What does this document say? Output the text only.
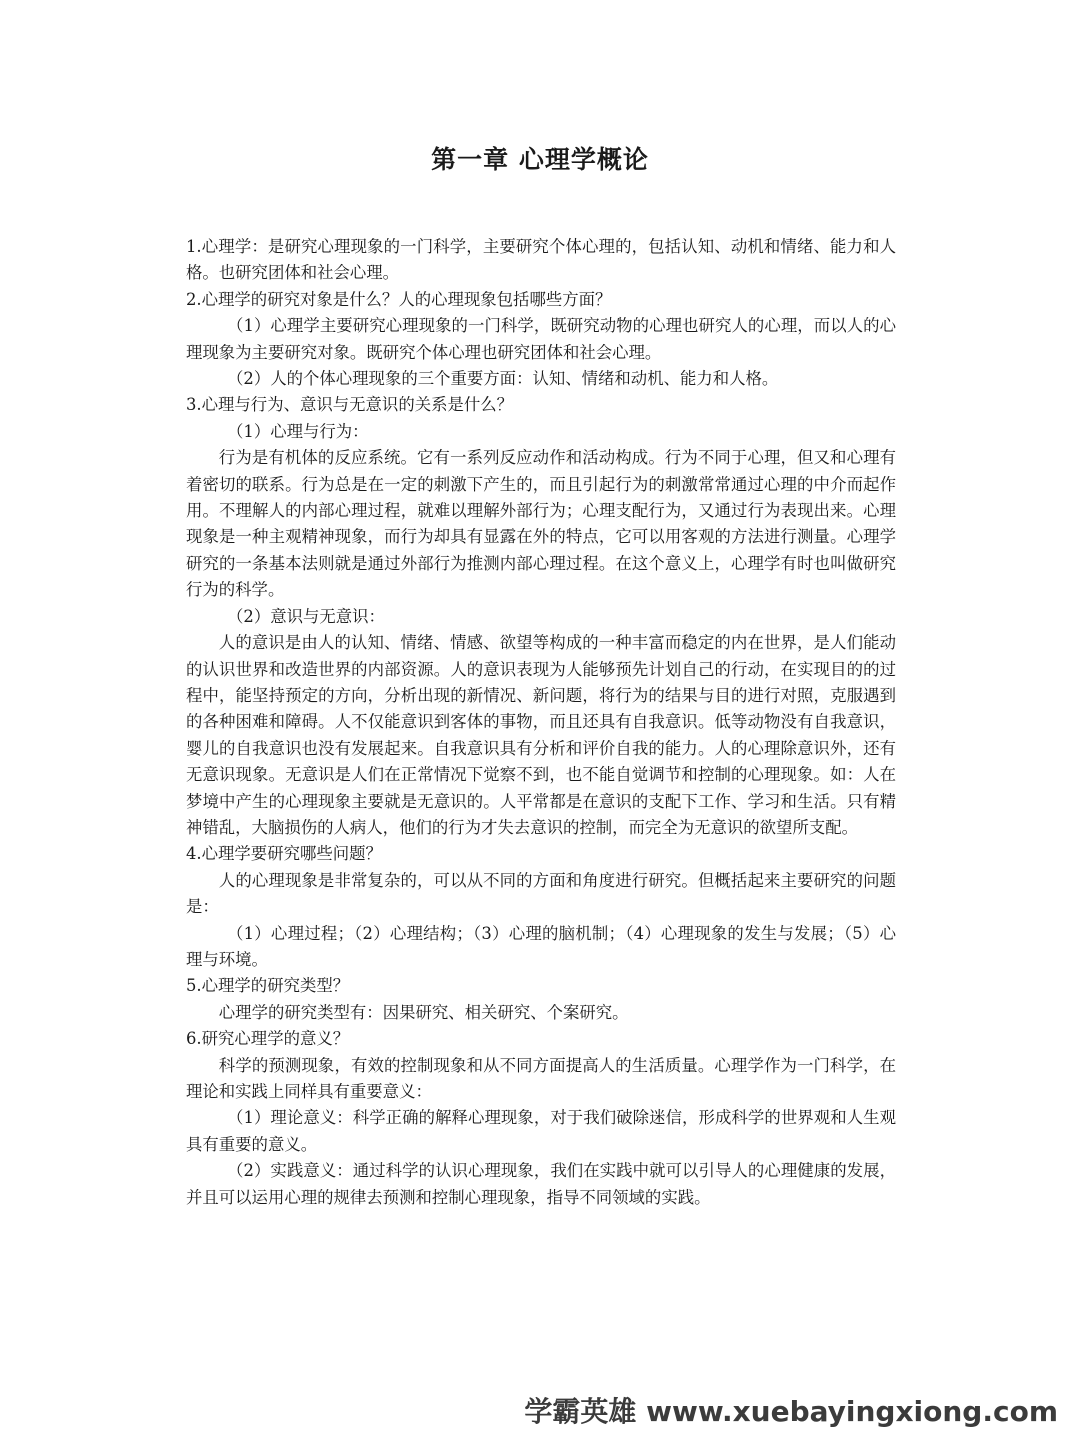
第一章 心理学概论

1.心理学：是研究心理现象的一门科学，主要研究个体心理的，包括认知、动机和情绪、能力和人格。也研究团体和社会心理。

2.心理学的研究对象是什么？人的心理现象包括哪些方面？

（1）心理学主要研究心理现象的一门科学，既研究动物的心理也研究人的心理，而以人的心理现象为主要研究对象。既研究个体心理也研究团体和社会心理。

（2）人的个体心理现象的三个重要方面：认知、情绪和动机、能力和人格。

3.心理与行为、意识与无意识的关系是什么？

（1）心理与行为：

行为是有机体的反应系统。它有一系列反应动作和活动构成。行为不同于心理，但又和心理有着密切的联系。行为总是在一定的刺激下产生的，而且引起行为的刺激常常通过心理的中介而起作用。不理解人的内部心理过程，就难以理解外部行为；心理支配行为，又通过行为表现出来。心理现象是一种主观精神现象，而行为却具有显露在外的特点，它可以用客观的方法进行测量。心理学研究的一条基本法则就是通过外部行为推测内部心理过程。在这个意义上，心理学有时也叫做研究行为的科学。

（2）意识与无意识：

人的意识是由人的认知、情绪、情感、欲望等构成的一种丰富而稳定的内在世界，是人们能动的认识世界和改造世界的内部资源。人的意识表现为人能够预先计划自己的行动，在实现目的的过程中，能坚持预定的方向，分析出现的新情况、新问题，将行为的结果与目的进行对照，克服遇到的各种困难和障碍。人不仅能意识到客体的事物，而且还具有自我意识。低等动物没有自我意识，婴儿的自我意识也没有发展起来。自我意识具有分析和评价自我的能力。人的心理除意识外，还有无意识现象。无意识是人们在正常情况下觉察不到，也不能自觉调节和控制的心理现象。如：人在梦境中产生的心理现象主要就是无意识的。人平常都是在意识的支配下工作、学习和生活。只有精神错乱，大脑损伤的人病人，他们的行为才失去意识的控制，而完全为无意识的欲望所支配。

4.心理学要研究哪些问题？

人的心理现象是非常复杂的，可以从不同的方面和角度进行研究。但概括起来主要研究的问题是：

（1）心理过程；（2）心理结构；（3）心理的脑机制；（4）心理现象的发生与发展；（5）心理与环境。

5.心理学的研究类型？

心理学的研究类型有：因果研究、相关研究、个案研究。

6.研究心理学的意义？

科学的预测现象，有效的控制现象和从不同方面提高人的生活质量。心理学作为一门科学，在理论和实践上同样具有重要意义：

（1）理论意义：科学正确的解释心理现象，对于我们破除迷信，形成科学的世界观和人生观具有重要的意义。

（2）实践意义：通过科学的认识心理现象，我们在实践中就可以引导人的心理健康的发展，并且可以运用心理的规律去预测和控制心理现象，指导不同领域的实践。

学霸英雄 www.xuebayingxiong.com
